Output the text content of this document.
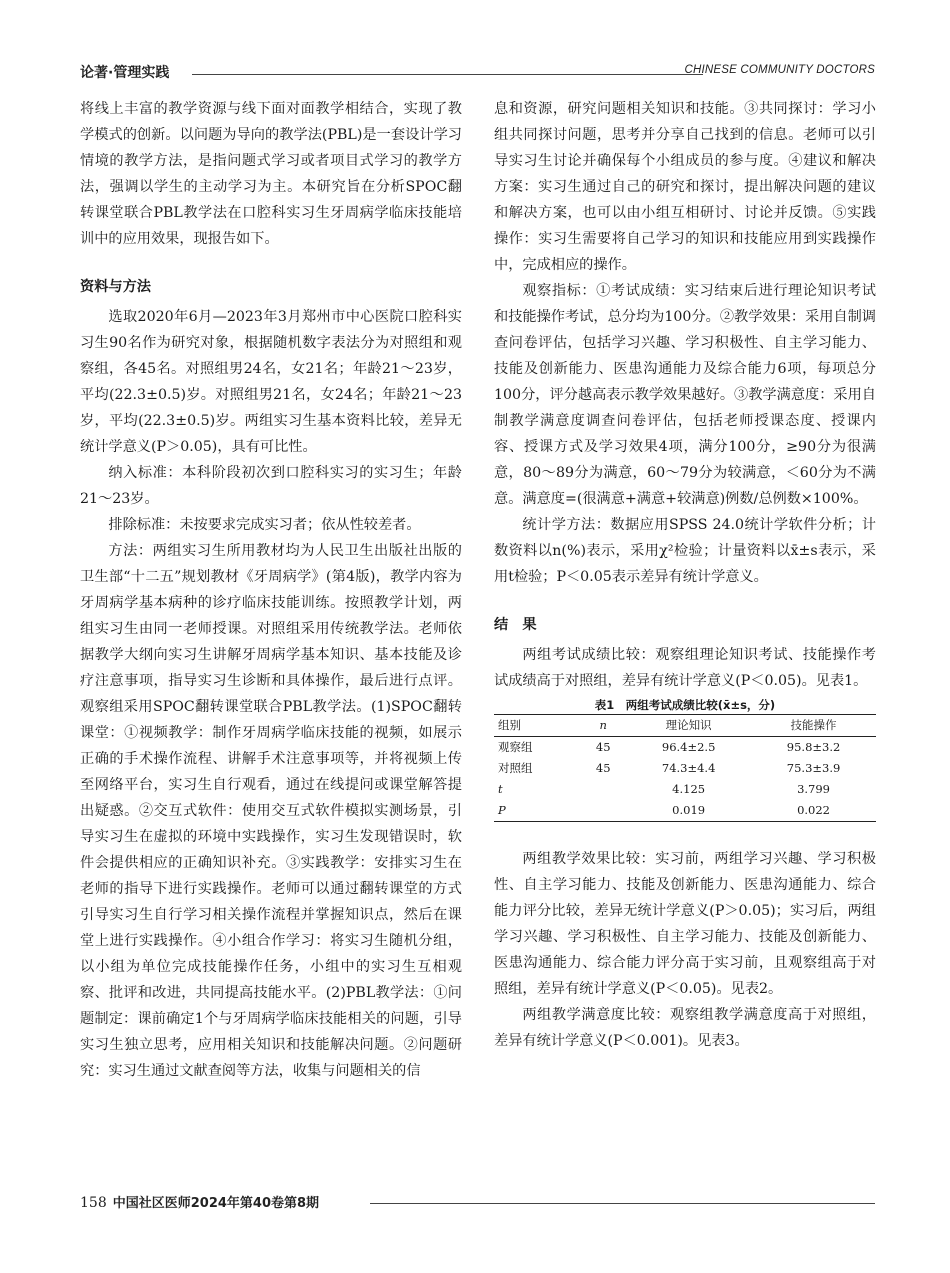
论著·管理实践	CHINESE COMMUNITY DOCTORS

将线上丰富的教学资源与线下面对面教学相结合，实现了教学模式的创新。以问题为导向的教学法(PBL)是一套设计学习情境的教学方法，是指问题式学习或者项目式学习的教学方法，强调以学生的主动学习为主。本研究旨在分析SPOC翻转课堂联合PBL教学法在口腔科实习生牙周病学临床技能培训中的应用效果，现报告如下。

资料与方法

选取2020年6月—2023年3月郑州市中心医院口腔科实习生90名作为研究对象，根据随机数字表法分为对照组和观察组，各45名。对照组男24名，女21名；年龄21～23岁，平均(22.3±0.5)岁。对照组男21名，女24名；年龄21～23岁，平均(22.3±0.5)岁。两组实习生基本资料比较，差异无统计学意义(P＞0.05)，具有可比性。

纳入标准：本科阶段初次到口腔科实习的实习生；年龄21～23岁。

排除标准：未按要求完成实习者；依从性较差者。

方法：两组实习生所用教材均为人民卫生出版社出版的卫生部“十二五”规划教材《牙周病学》(第4版)，教学内容为牙周病学基本病种的诊疗临床技能训练。按照教学计划，两组实习生由同一老师授课。对照组采用传统教学法。老师依据教学大纲向实习生讲解牙周病学基本知识、基本技能及诊疗注意事项，指导实习生诊断和具体操作，最后进行点评。观察组采用SPOC翻转课堂联合PBL教学法。(1)SPOC翻转课堂：①视频教学：制作牙周病学临床技能的视频，如展示正确的手术操作流程、讲解手术注意事项等，并将视频上传至网络平台，实习生自行观看，通过在线提问或课堂解答提出疑惑。②交互式软件：使用交互式软件模拟实测场景，引导实习生在虚拟的环境中实践操作，实习生发现错误时，软件会提供相应的正确知识补充。③实践教学：安排实习生在老师的指导下进行实践操作。老师可以通过翻转课堂的方式引导实习生自行学习相关操作流程并掌握知识点，然后在课堂上进行实践操作。④小组合作学习：将实习生随机分组，以小组为单位完成技能操作任务，小组中的实习生互相观察、批评和改进，共同提高技能水平。(2)PBL教学法：①问题制定：课前确定1个与牙周病学临床技能相关的问题，引导实习生独立思考，应用相关知识和技能解决问题。②问题研究：实习生通过文献查阅等方法，收集与问题相关的信

息和资源，研究问题相关知识和技能。③共同探讨：学习小组共同探讨问题，思考并分享自己找到的信息。老师可以引导实习生讨论并确保每个小组成员的参与度。④建议和解决方案：实习生通过自己的研究和探讨，提出解决问题的建议和解决方案，也可以由小组互相研讨、讨论并反馈。⑤实践操作：实习生需要将自己学习的知识和技能应用到实践操作中，完成相应的操作。

观察指标：①考试成绩：实习结束后进行理论知识考试和技能操作考试，总分均为100分。②教学效果：采用自制调查问卷评估，包括学习兴趣、学习积极性、自主学习能力、技能及创新能力、医患沟通能力及综合能力6项，每项总分100分，评分越高表示教学效果越好。③教学满意度：采用自制教学满意度调查问卷评估，包括老师授课态度、授课内容、授课方式及学习效果4项，满分100分，≥90分为很满意，80～89分为满意，60～79分为较满意，＜60分为不满意。满意度=(很满意+满意+较满意)例数/总例数×100%。

统计学方法：数据应用SPSS 24.0统计学软件分析；计数资料以n(%)表示，采用χ²检验；计量资料以x̄±s表示，采用t检验；P＜0.05表示差异有统计学意义。

结　果

两组考试成绩比较：观察组理论知识考试、技能操作考试成绩高于对照组，差异有统计学意义(P＜0.05)。见表1。

表1　两组考试成绩比较(x̄±s，分)
组别	n	理论知识	技能操作
观察组	45	96.4±2.5	95.8±3.2
对照组	45	74.3±4.4	75.3±3.9
t		4.125	3.799
P		0.019	0.022

两组教学效果比较：实习前，两组学习兴趣、学习积极性、自主学习能力、技能及创新能力、医患沟通能力、综合能力评分比较，差异无统计学意义(P＞0.05)；实习后，两组学习兴趣、学习积极性、自主学习能力、技能及创新能力、医患沟通能力、综合能力评分高于实习前，且观察组高于对照组，差异有统计学意义(P＜0.05)。见表2。

两组教学满意度比较：观察组教学满意度高于对照组，差异有统计学意义(P＜0.001)。见表3。

158 中国社区医师2024年第40卷第8期
